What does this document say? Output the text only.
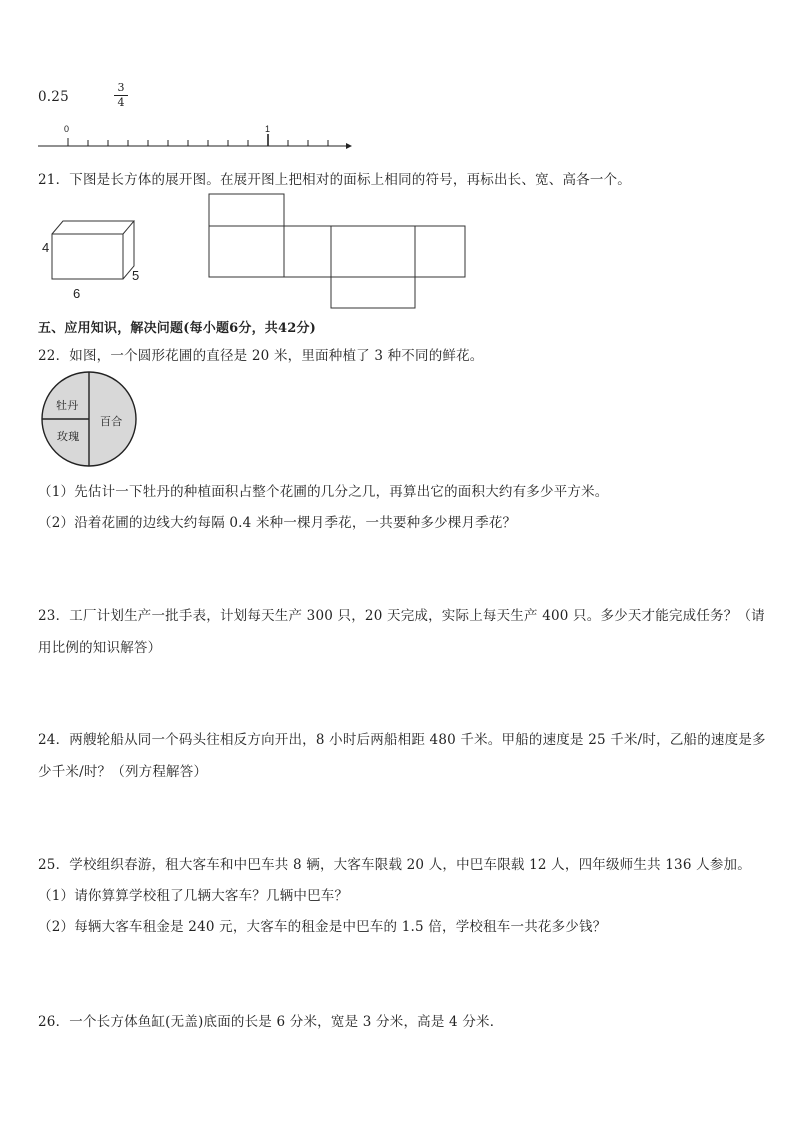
0.25
3
4
0	1
21．下图是长方体的展开图。在展开图上把相对的面标上相同的符号，再标出长、宽、高各一个。
4
6
5
五、应用知识，解决问题(每小题6分，共42分)
22．如图，一个圆形花圃的直径是 20 米，里面种植了 3 种不同的鲜花。
牡丹
玫瑰
百合
（1）先估计一下牡丹的种植面积占整个花圃的几分之几，再算出它的面积大约有多少平方米。
（2）沿着花圃的边线大约每隔 0.4 米种一棵月季花，一共要种多少棵月季花？
23．工厂计划生产一批手表，计划每天生产 300 只，20 天完成，实际上每天生产 400 只。多少天才能完成任务？（请
用比例的知识解答）
24．两艘轮船从同一个码头往相反方向开出，8 小时后两船相距 480 千米。甲船的速度是 25 千米/时，乙船的速度是多
少千米/时？（列方程解答）
25．学校组织春游，租大客车和中巴车共 8 辆，大客车限载 20 人，中巴车限载 12 人，四年级师生共 136 人参加。
（1）请你算算学校租了几辆大客车？几辆中巴车？
（2）每辆大客车租金是 240 元，大客车的租金是中巴车的 1.5 倍，学校租车一共花多少钱？
26．一个长方体鱼缸(无盖)底面的长是 6 分米，宽是 3 分米，高是 4 分米．
